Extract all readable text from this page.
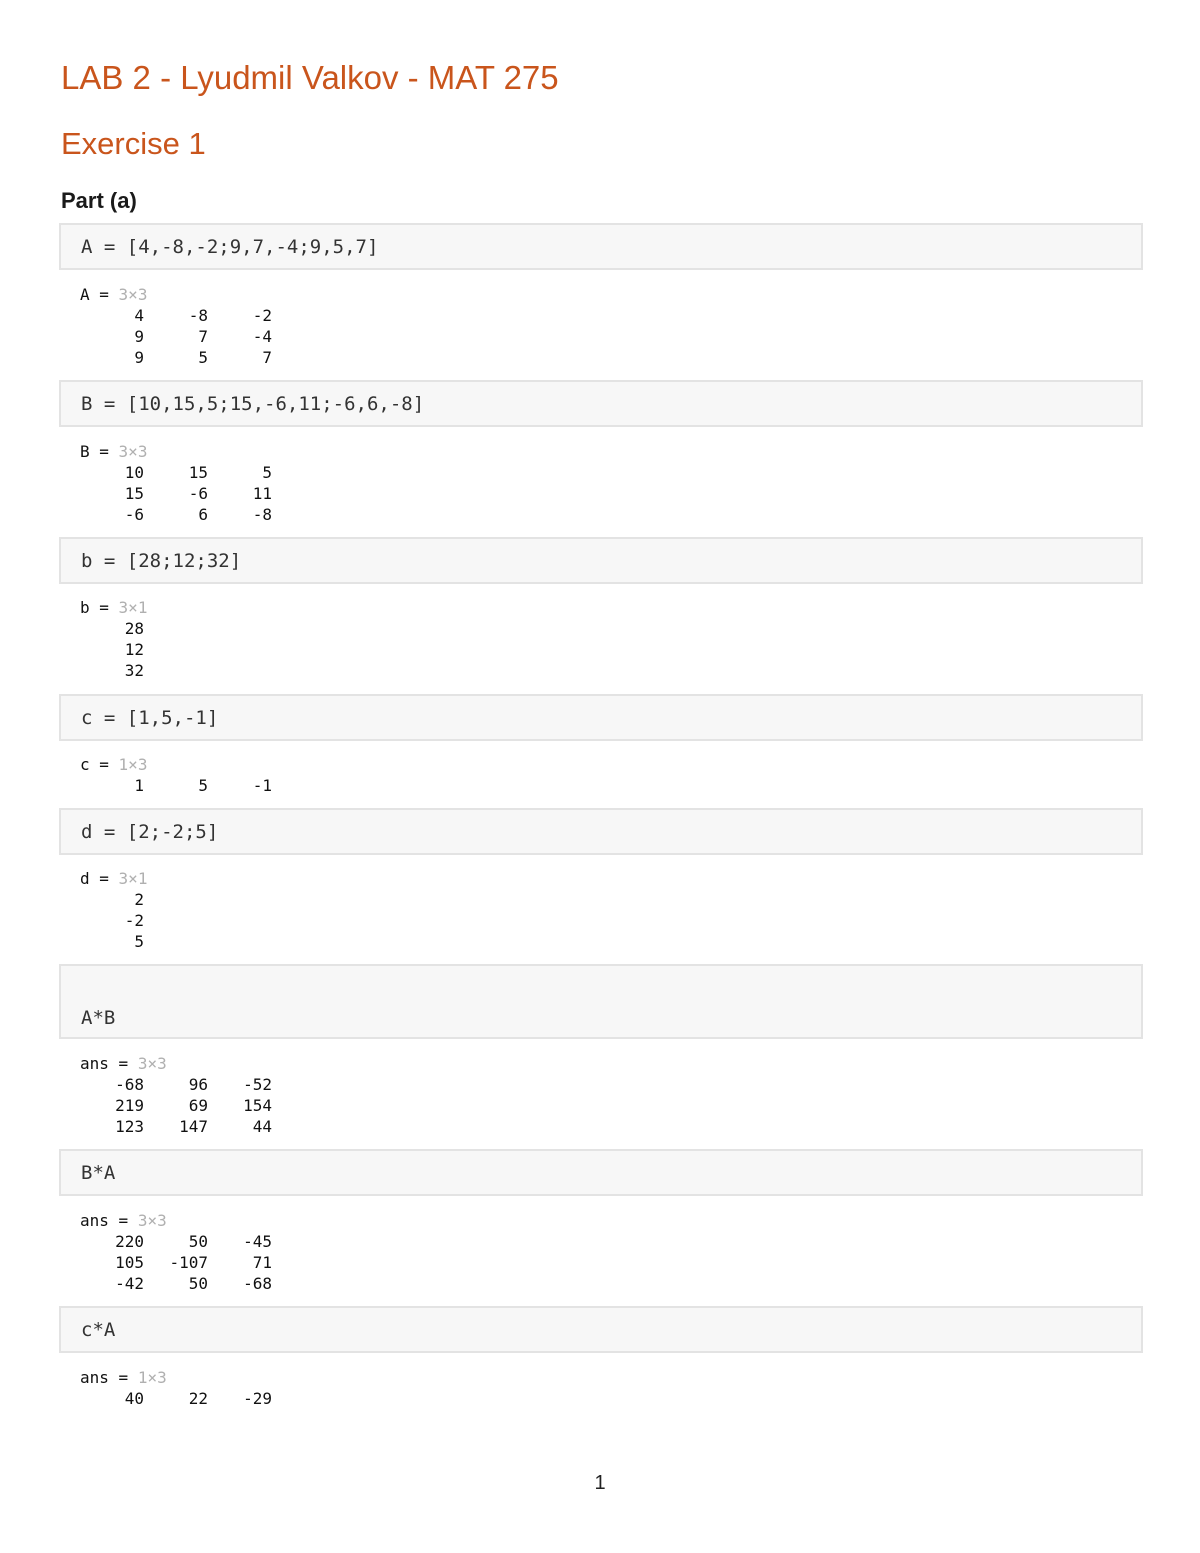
LAB 2 - Lyudmil Valkov - MAT 275
Exercise 1
Part (a)
A = [4,-8,-2;9,7,-4;9,5,7]
A = 3×3
4	-8	-2
9	7	-4
9	5	7
B = [10,15,5;15,-6,11;-6,6,-8]
B = 3×3
10	15	5
15	-6	11
-6	6	-8
b = [28;12;32]
b = 3×1
28
12
32
c = [1,5,-1]
c = 1×3
1	5	-1
d = [2;-2;5]
d = 3×1
2
-2
5
A*B
ans = 3×3
-68	96	-52
219	69	154
123	147	44
B*A
ans = 3×3
220	50	-45
105	-107	71
-42	50	-68
c*A
ans = 1×3
40	22	-29
1
